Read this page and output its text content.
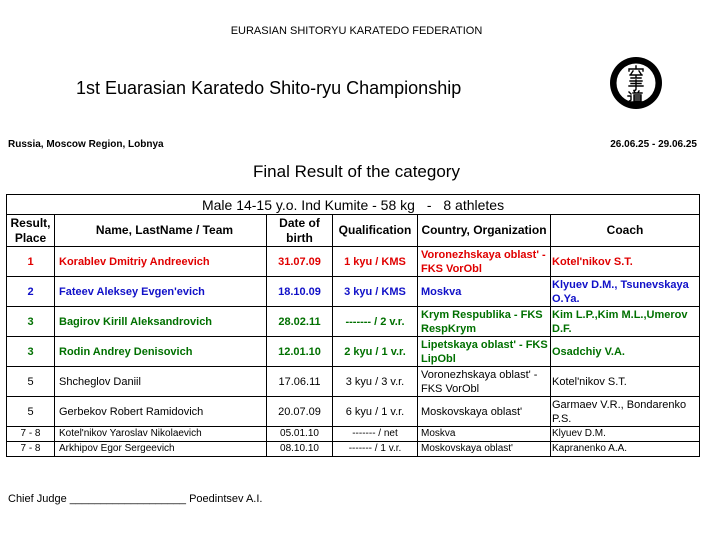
EURASIAN SHITORYU KARATEDO FEDERATION
1st Euarasian Karatedo Shito-ryu Championship
Russia, Moscow Region, Lobnya	26.06.25 - 29.06.25
Final Result of the category
Male 14-15 y.o. Ind Kumite - 58 kg - 8 athletes					
Result, Place	Name, LastName / Team	Date of birth	Qualification	Country, Organization	Coach
1	Korablev Dmitriy Andreevich	31.07.09	1 kyu / KMS	Voronezhskaya oblast' - FKS VorObl	Kotel'nikov S.T.
2	Fateev Aleksey Evgen'evich	18.10.09	3 kyu / KMS	Moskva	Klyuev D.M., Tsunevskaya O.Ya.
3	Bagirov Kirill Aleksandrovich	28.02.11	------- / 2 v.r.	Krym Respublika - FKS RespKrym	Kim L.P.,Kim M.L.,Umerov D.F.
3	Rodin Andrey Denisovich	12.01.10	2 kyu / 1 v.r.	Lipetskaya oblast' - FKS LipObl	Osadchiy V.A.
5	Shcheglov Daniil	17.06.11	3 kyu / 3 v.r.	Voronezhskaya oblast' - FKS VorObl	Kotel'nikov S.T.
5	Gerbekov Robert Ramidovich	20.07.09	6 kyu / 1 v.r.	Moskovskaya oblast'	Garmaev V.R., Bondarenko P.S.
7 - 8	Kotel'nikov Yaroslav Nikolaevich	05.01.10	------- / net	Moskva	Klyuev D.M.
7 - 8	Arkhipov Egor Sergeevich	08.10.10	------- / 1 v.r.	Moskovskaya oblast'	Kapranenko A.A.
Chief Judge ___________________ Poedintsev A.I.
